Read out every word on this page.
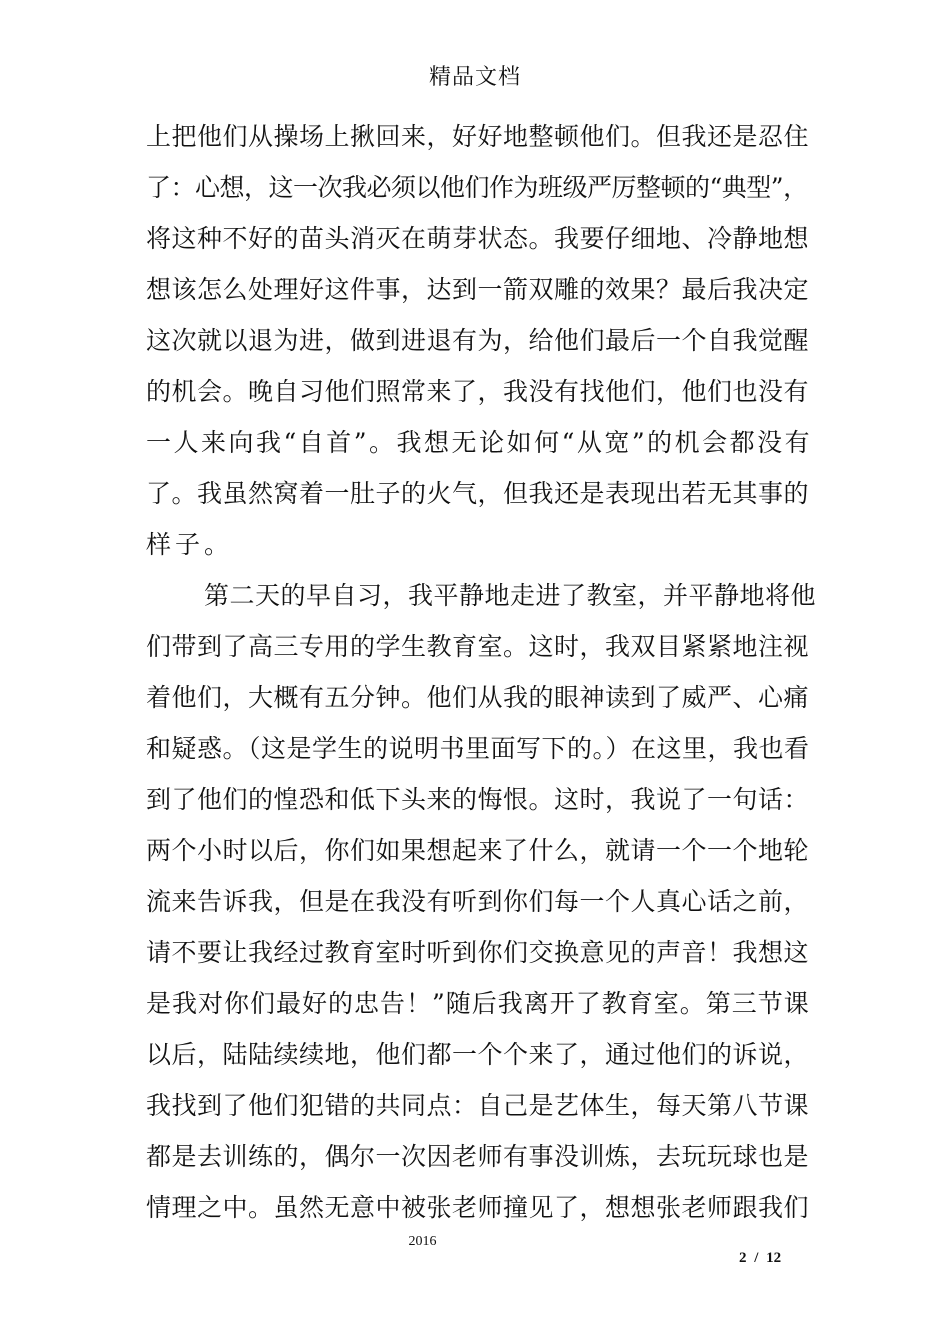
精品文档
上把他们从操场上揪回来，好好地整顿他们。但我还是忍住
了：心想，这一次我必须以他们作为班级严厉整顿的“典型”，
将这种不好的苗头消灭在萌芽状态。我要仔细地、冷静地想
想该怎么处理好这件事，达到一箭双雕的效果？最后我决定
这次就以退为进，做到进退有为，给他们最后一个自我觉醒
的机会。晚自习他们照常来了，我没有找他们，他们也没有
一人来向我“自首”。我想无论如何“从宽”的机会都没有
了。我虽然窝着一肚子的火气，但我还是表现出若无其事的
样子。
第二天的早自习，我平静地走进了教室，并平静地将他
们带到了高三专用的学生教育室。这时，我双目紧紧地注视
着他们，大概有五分钟。他们从我的眼神读到了威严、心痛
和疑惑。（这是学生的说明书里面写下的。）在这里，我也看
到了他们的惶恐和低下头来的悔恨。这时，我说了一句话：
两个小时以后，你们如果想起来了什么，就请一个一个地轮
流来告诉我，但是在我没有听到你们每一个人真心话之前，
请不要让我经过教育室时听到你们交换意见的声音！我想这
是我对你们最好的忠告！”随后我离开了教育室。第三节课
以后，陆陆续续地，他们都一个个来了，通过他们的诉说，
我找到了他们犯错的共同点：自己是艺体生，每天第八节课
都是去训练的，偶尔一次因老师有事没训炼，去玩玩球也是
情理之中。虽然无意中被张老师撞见了，想想张老师跟我们
2016
2 / 12
